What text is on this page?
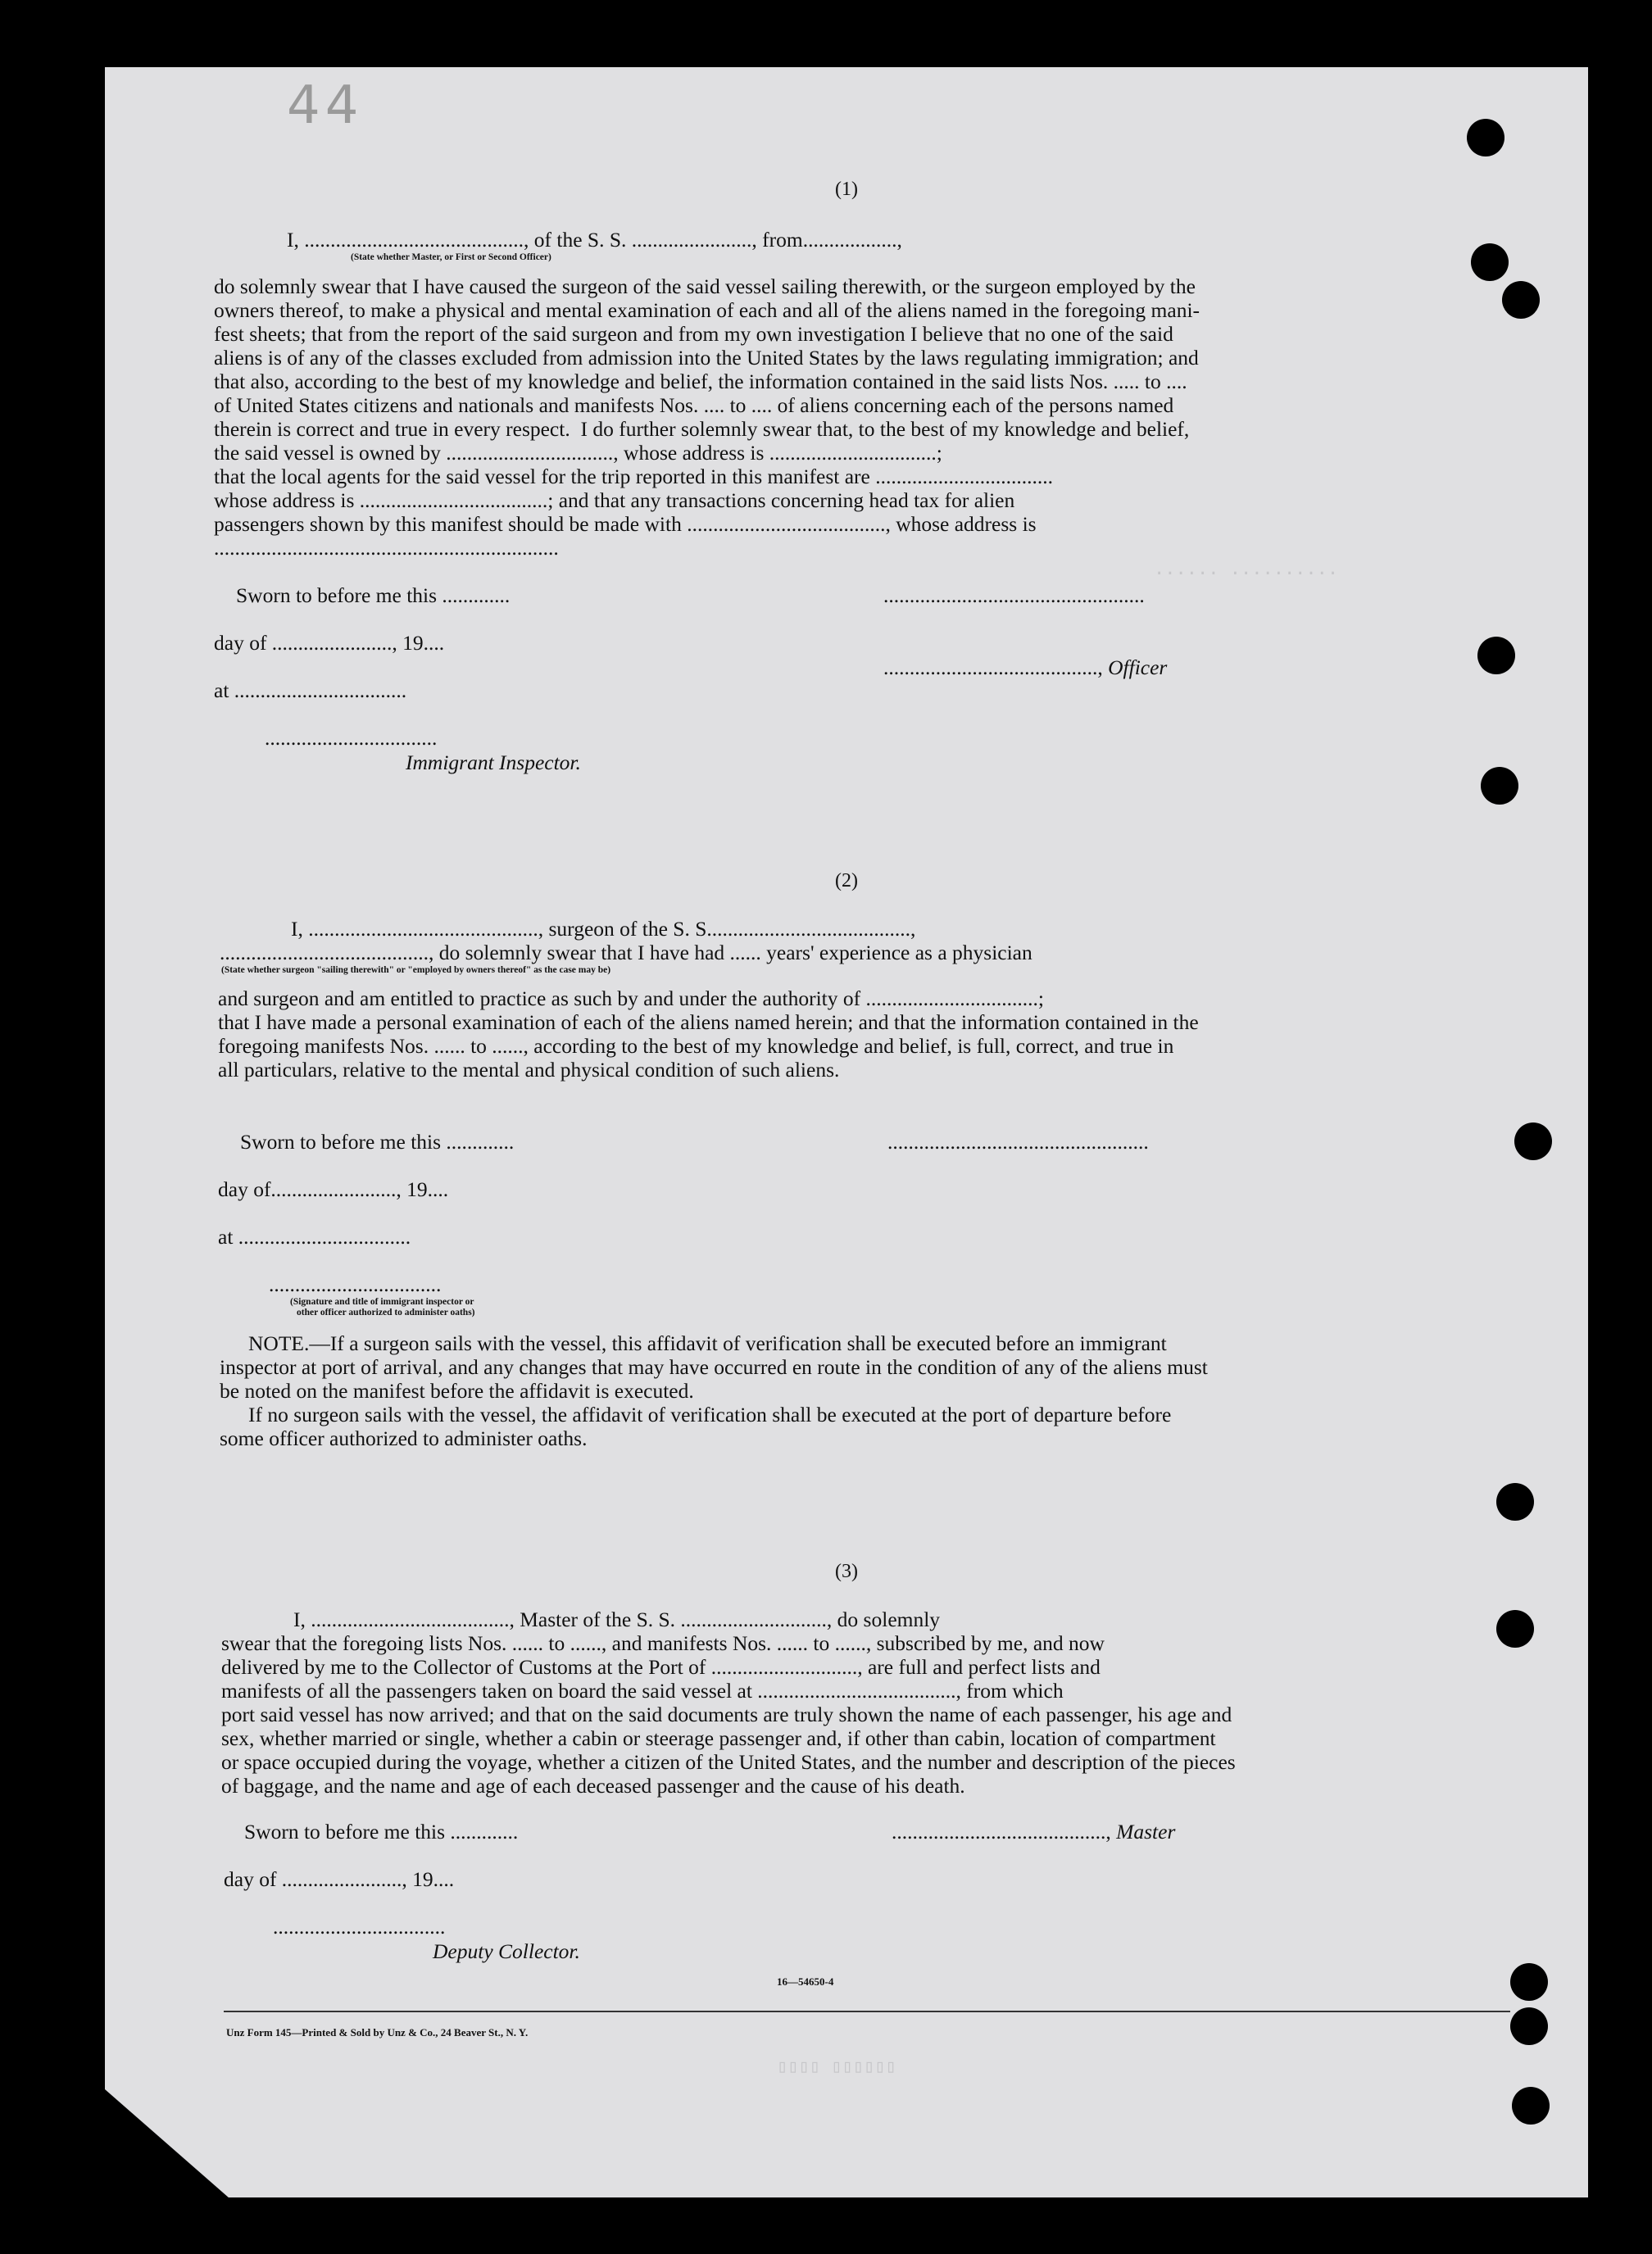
44
...... ..........
▯▯▯▯ ▯▯▯▯▯▯
(1)
I, .........................................., of the S. S. ......................., from..................,
(State whether Master, or First or Second Officer)
do solemnly swear that I have caused the surgeon of the said vessel sailing therewith, or the surgeon employed by the
owners thereof, to make a physical and mental examination of each and all of the aliens named in the foregoing mani-
fest sheets; that from the report of the said surgeon and from my own investigation I believe that no one of the said
aliens is of any of the classes excluded from admission into the United States by the laws regulating immigration; and
that also, according to the best of my knowledge and belief, the information contained in the said lists Nos. ..... to ....
of United States citizens and nationals and manifests Nos. .... to .... of aliens concerning each of the persons named
therein is correct and true in every respect.  I do further solemnly swear that, to the best of my knowledge and belief,
the said vessel is owned by ................................, whose address is ................................;
that the local agents for the said vessel for the trip reported in this manifest are ..................................
whose address is ....................................; and that any transactions concerning head tax for alien
passengers shown by this manifest should be made with ......................................, whose address is
..................................................................
Sworn to before me this .............
day of ......................., 19....
at .................................
.................................
Immigrant Inspector.
..................................................
........................................., Officer
(2)
I, ............................................, surgeon of the S. S.......................................,
........................................, do solemnly swear that I have had ...... years' experience as a physician
(State whether surgeon "sailing therewith" or "employed by owners thereof" as the case may be)
and surgeon and am entitled to practice as such by and under the authority of .................................;
that I have made a personal examination of each of the aliens named herein; and that the information contained in the
foregoing manifests Nos. ...... to ......, according to the best of my knowledge and belief, is full, correct, and true in
all particulars, relative to the mental and physical condition of such aliens.
Sworn to before me this .............	..................................................
day of........................, 19....
at .................................
.................................
(Signature and title of immigrant inspector or
other officer authorized to administer oaths)
NOTE.—If a surgeon sails with the vessel, this affidavit of verification shall be executed before an immigrant
inspector at port of arrival, and any changes that may have occurred en route in the condition of any of the aliens must
be noted on the manifest before the affidavit is executed.
If no surgeon sails with the vessel, the affidavit of verification shall be executed at the port of departure before
some officer authorized to administer oaths.
(3)
I, ......................................, Master of the S. S. ............................, do solemnly
swear that the foregoing lists Nos. ...... to ......, and manifests Nos. ...... to ......, subscribed by me, and now
delivered by me to the Collector of Customs at the Port of ............................, are full and perfect lists and
manifests of all the passengers taken on board the said vessel at ......................................, from which
port said vessel has now arrived; and that on the said documents are truly shown the name of each passenger, his age and
sex, whether married or single, whether a cabin or steerage passenger and, if other than cabin, location of compartment
or space occupied during the voyage, whether a citizen of the United States, and the number and description of the pieces
of baggage, and the name and age of each deceased passenger and the cause of his death.
Sworn to before me this .............	........................................., Master
day of ......................., 19....
.................................
Deputy Collector.
16—54650-4
Unz Form 145—Printed & Sold by Unz & Co., 24 Beaver St., N. Y.
